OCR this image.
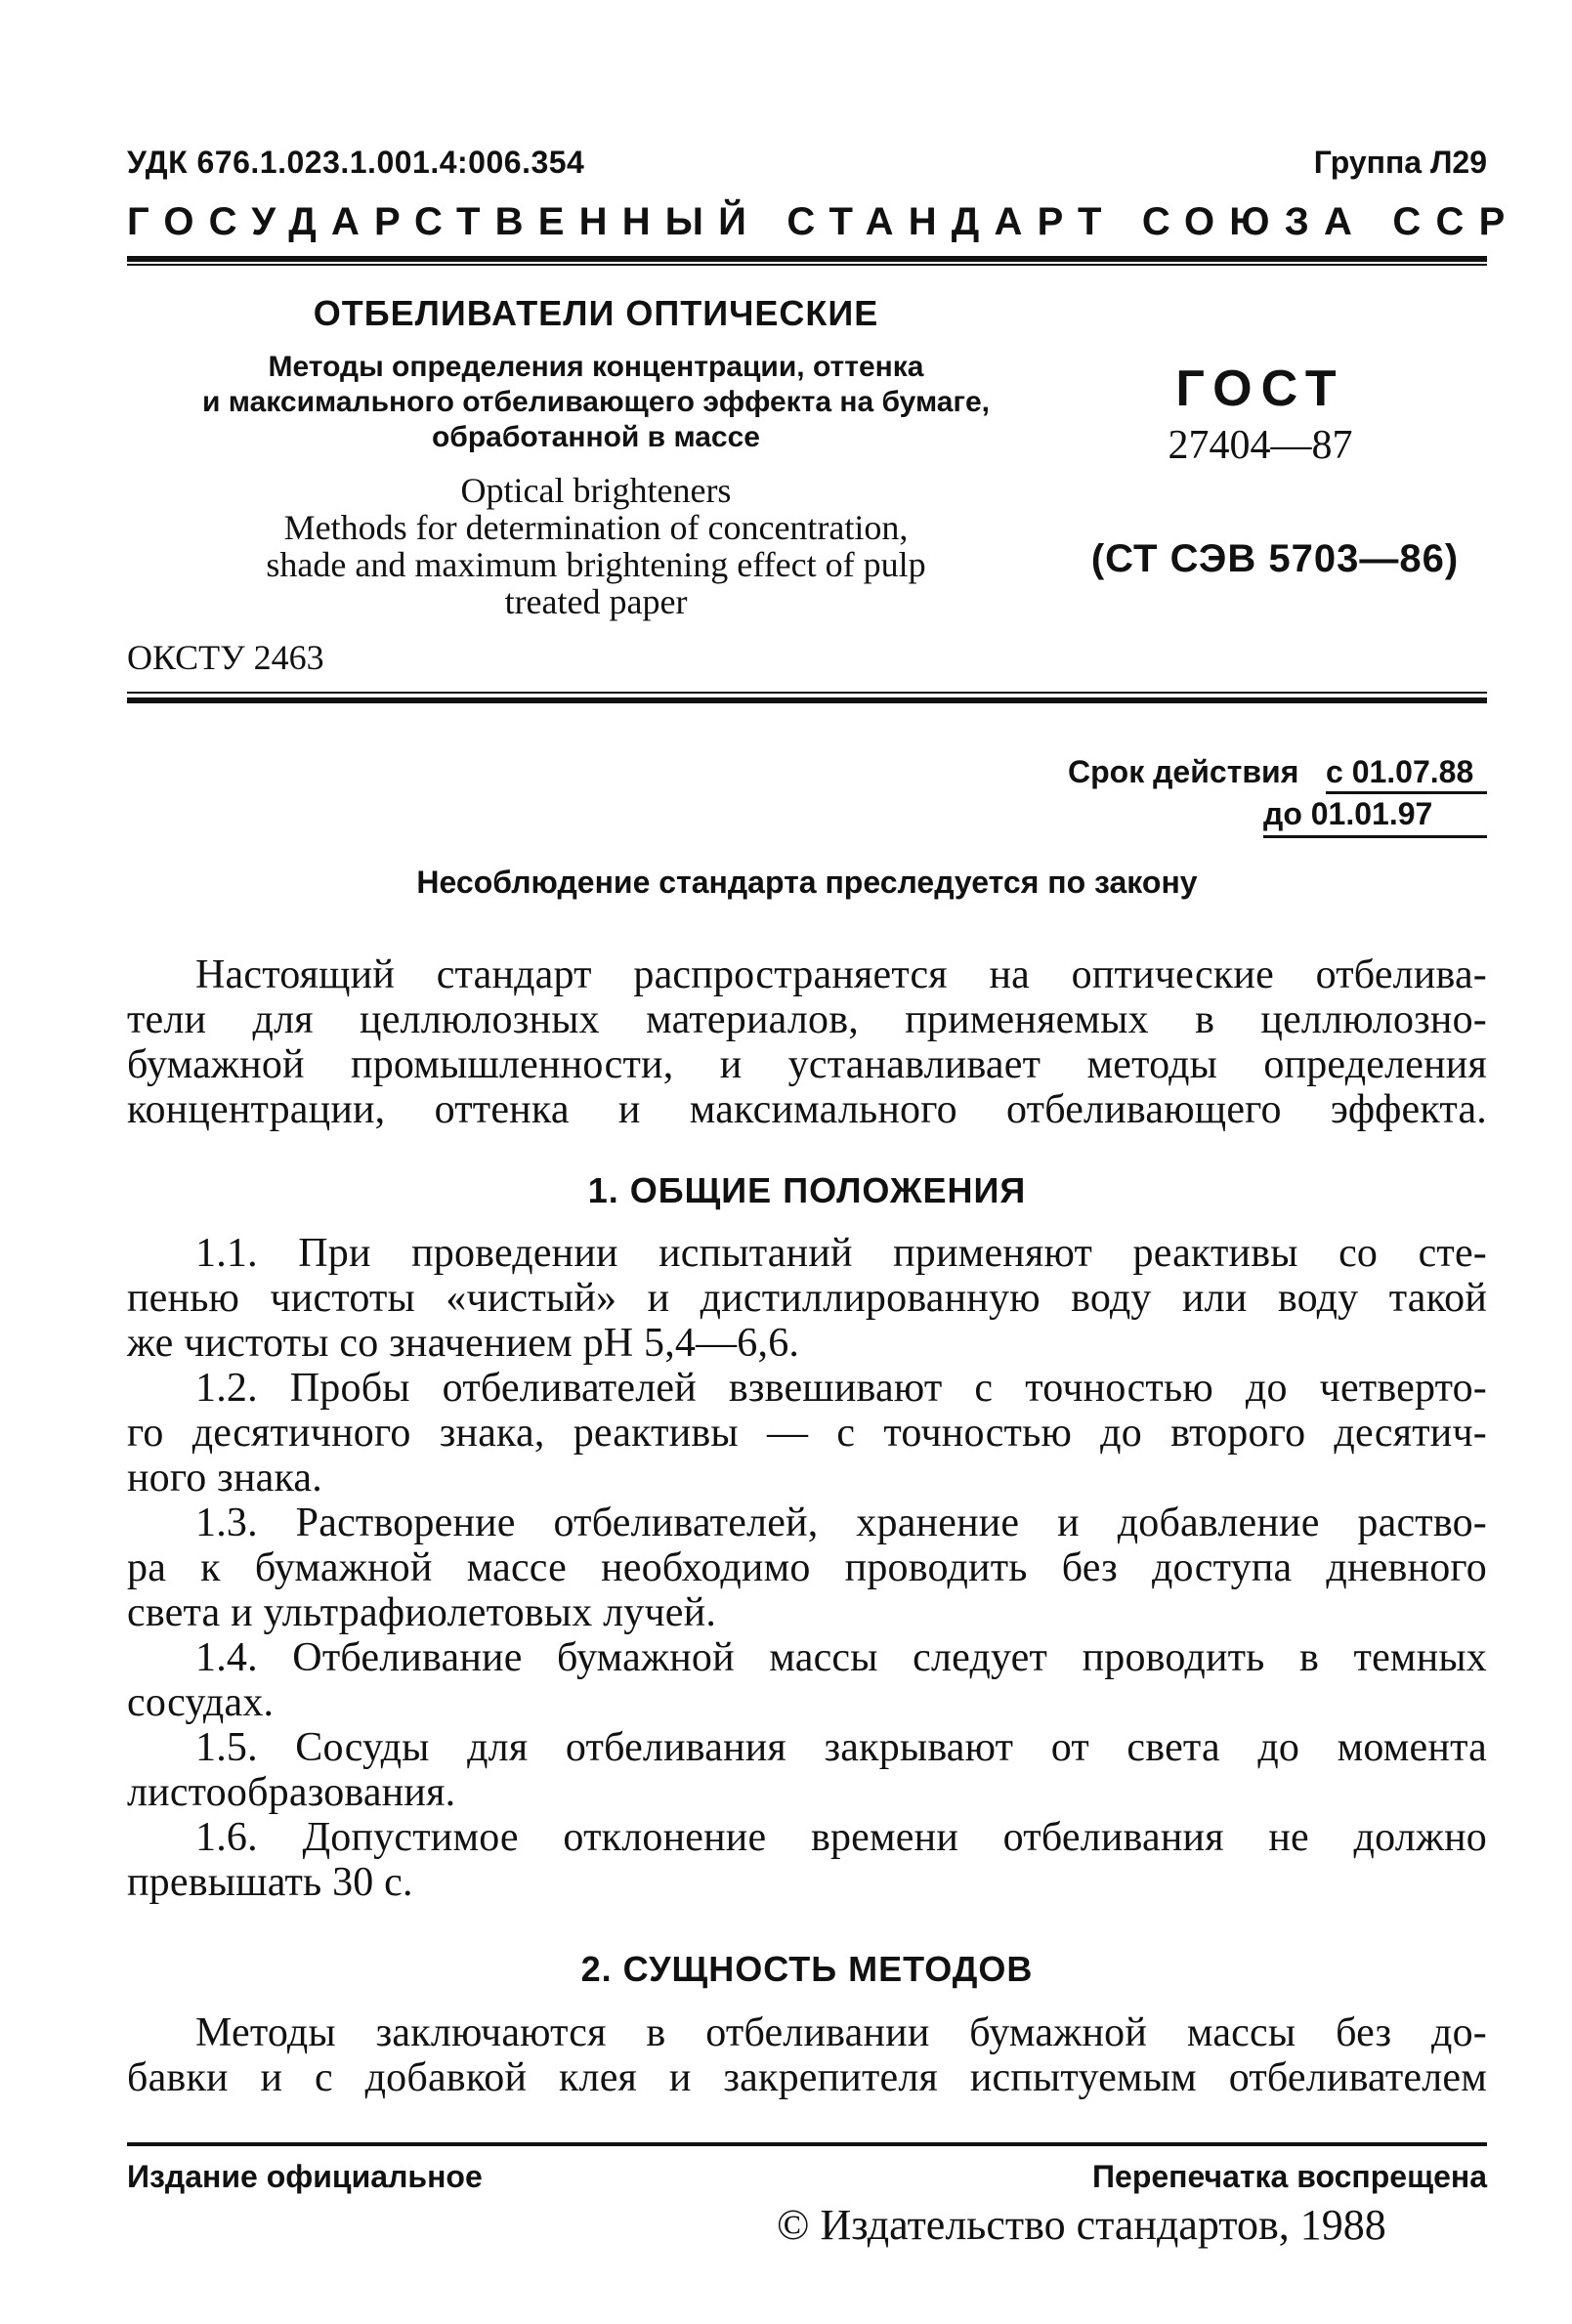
УДК 676.1.023.1.001.4:006.354	Группа Л29
ГОСУДАРСТВЕННЫЙ СТАНДАРТ СОЮЗА ССР
ОТБЕЛИВАТЕЛИ ОПТИЧЕСКИЕ
Методы определения концентрации, оттенка
и максимального отбеливающего эффекта на бумаге,
обработанной в массе
Optical brighteners
Methods for determination of concentration,
shade and maximum brightening effect of pulp
treated paper
ОКСТУ 2463
ГОСТ
27404—87
(СТ СЭВ 5703—86)
Срок действия с 01.07.88
до 01.01.97
Несоблюдение стандарта преследуется по закону
Настоящий стандарт распространяется на оптические отбелива-
тели для целлюлозных материалов, применяемых в целлюлозно-
бумажной промышленности, и устанавливает методы определения
концентрации, оттенка и максимального отбеливающего эффекта.
1. ОБЩИЕ ПОЛОЖЕНИЯ
1.1. При проведении испытаний применяют реактивы со сте-
пенью чистоты «чистый» и дистиллированную воду или воду такой
же чистоты со значением pH 5,4—6,6.
1.2. Пробы отбеливателей взвешивают с точностью до четверто-
го десятичного знака, реактивы — с точностью до второго десятич-
ного знака.
1.3. Растворение отбеливателей, хранение и добавление раство-
ра к бумажной массе необходимо проводить без доступа дневного
света и ультрафиолетовых лучей.
1.4. Отбеливание бумажной массы следует проводить в темных
сосудах.
1.5. Сосуды для отбеливания закрывают от света до момента
листообразования.
1.6. Допустимое отклонение времени отбеливания не должно
превышать 30 с.
2. СУЩНОСТЬ МЕТОДОВ
Методы заключаются в отбеливании бумажной массы без до-
бавки и с добавкой клея и закрепителя испытуемым отбеливателем
Издание официальное	Перепечатка воспрещена
© Издательство стандартов, 1988
